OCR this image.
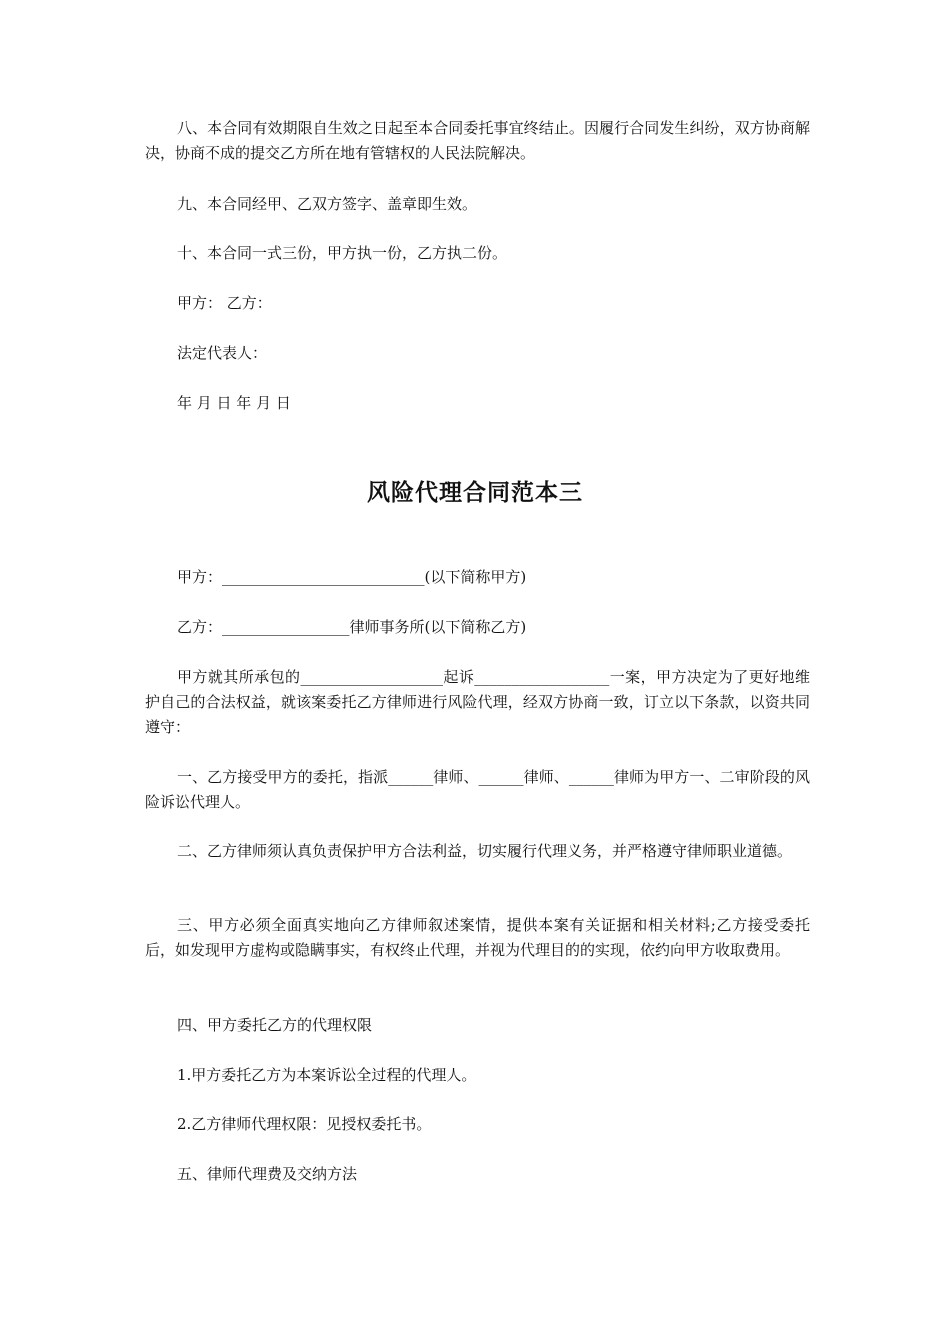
八、本合同有效期限自生效之日起至本合同委托事宜终结止。因履行合同发生纠纷，双方协商解决，协商不成的提交乙方所在地有管辖权的人民法院解决。

九、本合同经甲、乙双方签字、盖章即生效。

十、本合同一式三份，甲方执一份，乙方执二份。

甲方： 乙方：

法定代表人：

年 月 日 年 月 日

风险代理合同范本三

甲方：___________________________(以下简称甲方)

乙方：_________________律师事务所(以下简称乙方)

甲方就其所承包的___________________起诉__________________一案，甲方决定为了更好地维护自己的合法权益，就该案委托乙方律师进行风险代理，经双方协商一致，订立以下条款，以资共同遵守：

一、乙方接受甲方的委托，指派______律师、______律师、______律师为甲方一、二审阶段的风险诉讼代理人。

二、乙方律师须认真负责保护甲方合法利益，切实履行代理义务，并严格遵守律师职业道德。

三、甲方必须全面真实地向乙方律师叙述案情，提供本案有关证据和相关材料;乙方接受委托后，如发现甲方虚构或隐瞒事实，有权终止代理，并视为代理目的的实现，依约向甲方收取费用。

四、甲方委托乙方的代理权限

1.甲方委托乙方为本案诉讼全过程的代理人。

2.乙方律师代理权限：见授权委托书。

五、律师代理费及交纳方法
